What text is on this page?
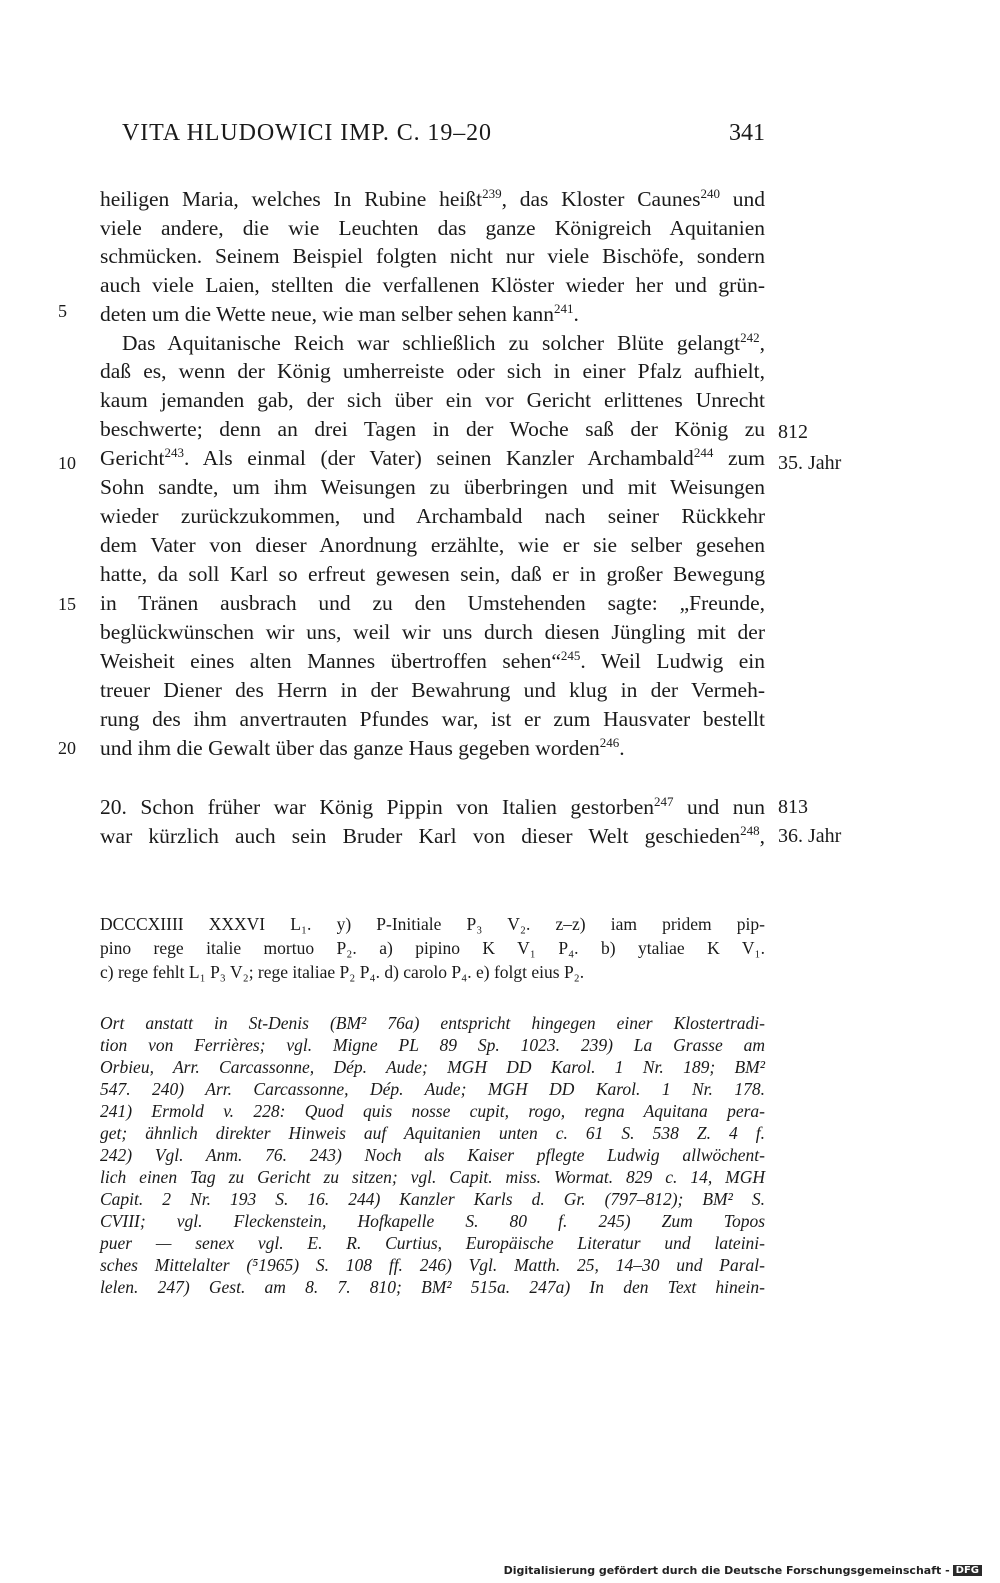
VITA HLUDOWICI IMP. C. 19–20	341
heiligen Maria, welches In Rubine heißt$^{239}$, das Kloster Caunes$^{240}$ und
viele andere, die wie Leuchten das ganze Königreich Aquitanien
schmücken. Seinem Beispiel folgten nicht nur viele Bischöfe, sondern
auch viele Laien, stellten die verfallenen Klöster wieder her und grün-
deten um die Wette neue, wie man selber sehen kann$^{241}$.
Das Aquitanische Reich war schließlich zu solcher Blüte gelangt$^{242}$,
daß es, wenn der König umherreiste oder sich in einer Pfalz aufhielt,
kaum jemanden gab, der sich über ein vor Gericht erlittenes Unrecht
beschwerte; denn an drei Tagen in der Woche saß der König zu
Gericht$^{243}$. Als einmal (der Vater) seinen Kanzler Archambald$^{244}$ zum
Sohn sandte, um ihm Weisungen zu überbringen und mit Weisungen
wieder zurückzukommen, und Archambald nach seiner Rückkehr
dem Vater von dieser Anordnung erzählte, wie er sie selber gesehen
hatte, da soll Karl so erfreut gewesen sein, daß er in großer Bewegung
in Tränen ausbrach und zu den Umstehenden sagte: „Freunde,
beglückwünschen wir uns, weil wir uns durch diesen Jüngling mit der
Weisheit eines alten Mannes übertroffen sehen“$^{245}$. Weil Ludwig ein
treuer Diener des Herrn in der Bewahrung und klug in der Vermeh-
rung des ihm anvertrauten Pfundes war, ist er zum Hausvater bestellt
und ihm die Gewalt über das ganze Haus gegeben worden$^{246}$.
20. Schon früher war König Pippin von Italien gestorben$^{247}$ und nun
war kürzlich auch sein Bruder Karl von dieser Welt geschieden$^{248}$,
5
10
15
20
812
35. Jahr
813
36. Jahr
DCCCXIIII XXXVI L₁. y) P-Initiale P₃ V₂. z–z) iam pridem pip-
pino rege italie mortuo P₂. a) pipino K V₁ P₄. b) ytaliae K V₁.
c) rege fehlt L₁ P₃ V₂; rege italiae P₂ P₄. d) carolo P₄. e) folgt eius P₂.
Ort anstatt in St-Denis (BM² 76a) entspricht hingegen einer Klostertradi-
tion von Ferrières; vgl. Migne PL 89 Sp. 1023. 239) La Grasse am
Orbieu, Arr. Carcassonne, Dép. Aude; MGH DD Karol. 1 Nr. 189; BM²
547. 240) Arr. Carcassonne, Dép. Aude; MGH DD Karol. 1 Nr. 178.
241) Ermold v. 228: Quod quis nosse cupit, rogo, regna Aquitana pera-
get; ähnlich direkter Hinweis auf Aquitanien unten c. 61 S. 538 Z. 4 f.
242) Vgl. Anm. 76. 243) Noch als Kaiser pflegte Ludwig allwöchent-
lich einen Tag zu Gericht zu sitzen; vgl. Capit. miss. Wormat. 829 c. 14, MGH
Capit. 2 Nr. 193 S. 16. 244) Kanzler Karls d. Gr. (797–812); BM² S.
CVIII; vgl. Fleckenstein, Hofkapelle S. 80 f. 245) Zum Topos
puer — senex vgl. E. R. Curtius, Europäische Literatur und lateini-
sches Mittelalter (⁵1965) S. 108 ff. 246) Vgl. Matth. 25, 14–30 und Paral-
lelen. 247) Gest. am 8. 7. 810; BM² 515a. 247a) In den Text hinein-
Digitalisierung gefördert durch die Deutsche Forschungsgemeinschaft - DFG
